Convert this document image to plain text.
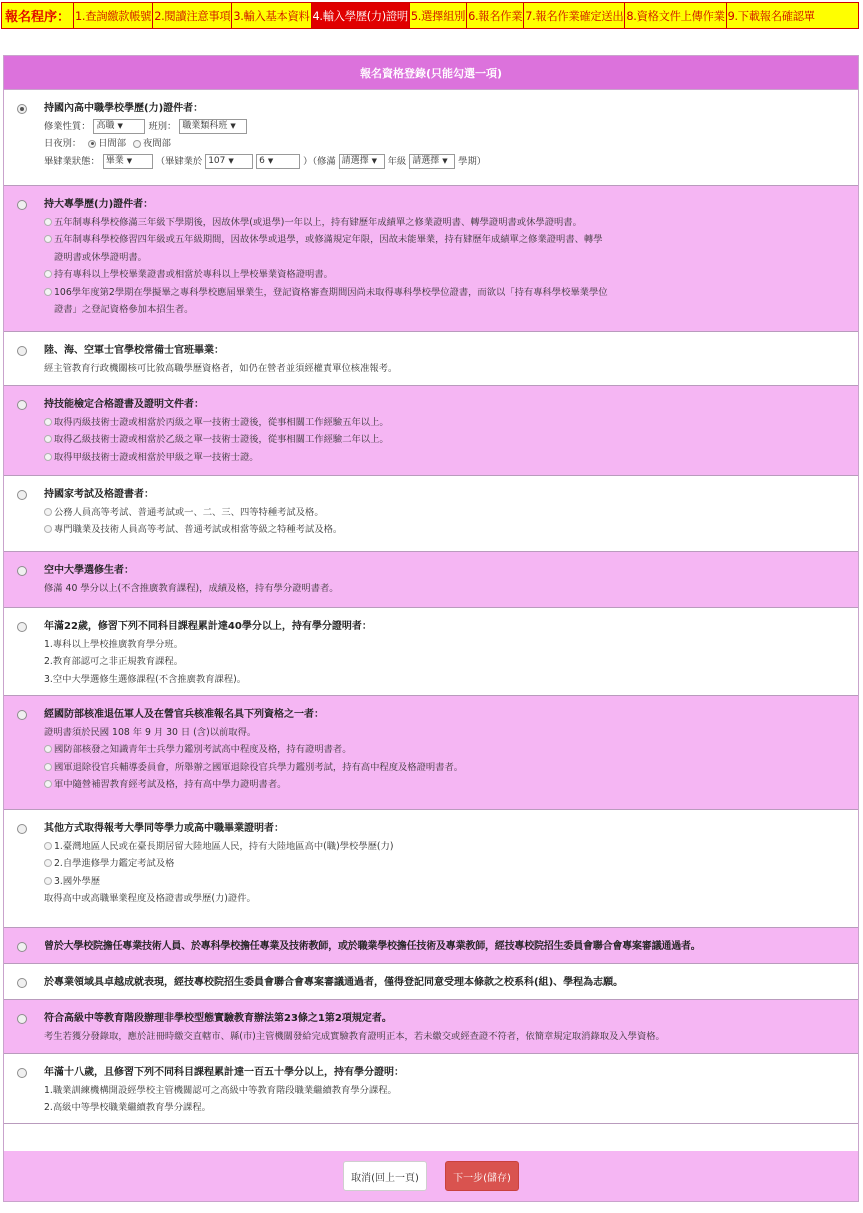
報名程序： 1.查詢繳款帳號 2.閱讀注意事項 3.輸入基本資料 4.輸入學歷(力)證明 5.選擇組別 6.報名作業 7.報名作業確定送出 8.資格文件上傳作業 9.下載報名確認單
報名資格登錄(只能勾選一項)
持國內高中職學校學歷(力)證件者：
修業性質： 高職 ▼	班別： 職業類科班 ▼
日夜別： 日間部 夜間部
畢肄業狀態： 畢業 ▼	（畢肄業於 107 ▼	6 ▼	）（修滿 請選擇 ▼ 年級 請選擇 ▼ 學期）
持大專學歷(力)證件者：
五年制專科學校修滿三年級下學期後，因故休學(或退學)一年以上，持有肄歷年成績單之修業證明書、轉學證明書或休學證明書。
五年制專科學校修習四年級或五年級期間，因故休學或退學，或修滿規定年限，因故未能畢業，持有肄歷年成績單之修業證明書、轉學
證明書或休學證明書。
持有專科以上學校畢業證書或相當於專科以上學校畢業資格證明書。
106學年度第2學期在學擬畢之專科學校應屆畢業生，登記資格審查期間因尚未取得專科學校學位證書，而欲以「持有專科學校畢業學位
證書」之登記資格參加本招生者。
陸、海、空軍士官學校常備士官班畢業：
經主管教育行政機關核可比敘高職學歷資格者，如仍在營者並須經權責單位核准報考。
持技能檢定合格證書及證明文件者：
取得丙級技術士證或相當於丙級之單一技術士證後，從事相關工作經驗五年以上。
取得乙級技術士證或相當於乙級之單一技術士證後，從事相關工作經驗二年以上。
取得甲級技術士證或相當於甲級之單一技術士證。
持國家考試及格證書者：
公務人員高等考試、普通考試或一、二、三、四等特種考試及格。
專門職業及技術人員高等考試、普通考試或相當等級之特種考試及格。
空中大學選修生者：
修滿 40 學分以上(不含推廣教育課程)，成績及格，持有學分證明書者。
年滿22歲，修習下列不同科目課程累計達40學分以上，持有學分證明者：
1.專科以上學校推廣教育學分班。
2.教育部認可之非正規教育課程。
3.空中大學選修生選修課程(不含推廣教育課程)。
經國防部核准退伍軍人及在營官兵核准報名具下列資格之一者：
證明書須於民國 108 年 9 月 30 日 (含)以前取得。
國防部核發之知識青年士兵學力鑑別考試高中程度及格，持有證明書者。
國軍退除役官兵輔導委員會，所舉辦之國軍退除役官兵學力鑑別考試，持有高中程度及格證明書者。
軍中隨營補習教育經考試及格，持有高中學力證明書者。
其他方式取得報考大學同等學力或高中職畢業證明者：
1.臺灣地區人民或在臺長期居留大陸地區人民，持有大陸地區高中(職)學校學歷(力)
2.自學進修學力鑑定考試及格
3.國外學歷
取得高中或高職畢業程度及格證書或學歷(力)證件。
曾於大學校院擔任專業技術人員、於專科學校擔任專業及技術教師，或於職業學校擔任技術及專業教師，經技專校院招生委員會聯合會專案審議通過者。
於專業領域具卓越成就表現，經技專校院招生委員會聯合會專案審議通過者，僅得登記同意受理本條款之校系科(組)、學程為志願。
符合高級中等教育階段辦理非學校型態實驗教育辦法第23條之1第2項規定者。
考生若獲分發錄取，應於註冊時繳交直轄市、縣(市)主管機關發給完成實驗教育證明正本，若未繳交或經查證不符者，依簡章規定取消錄取及入學資格。
年滿十八歲，且修習下列不同科目課程累計達一百五十學分以上，持有學分證明：
1.職業訓練機構開設經學校主管機關認可之高級中等教育階段職業繼續教育學分課程。
2.高級中等學校職業繼續教育學分課程。
取消(回上一頁)	下一步(儲存)
